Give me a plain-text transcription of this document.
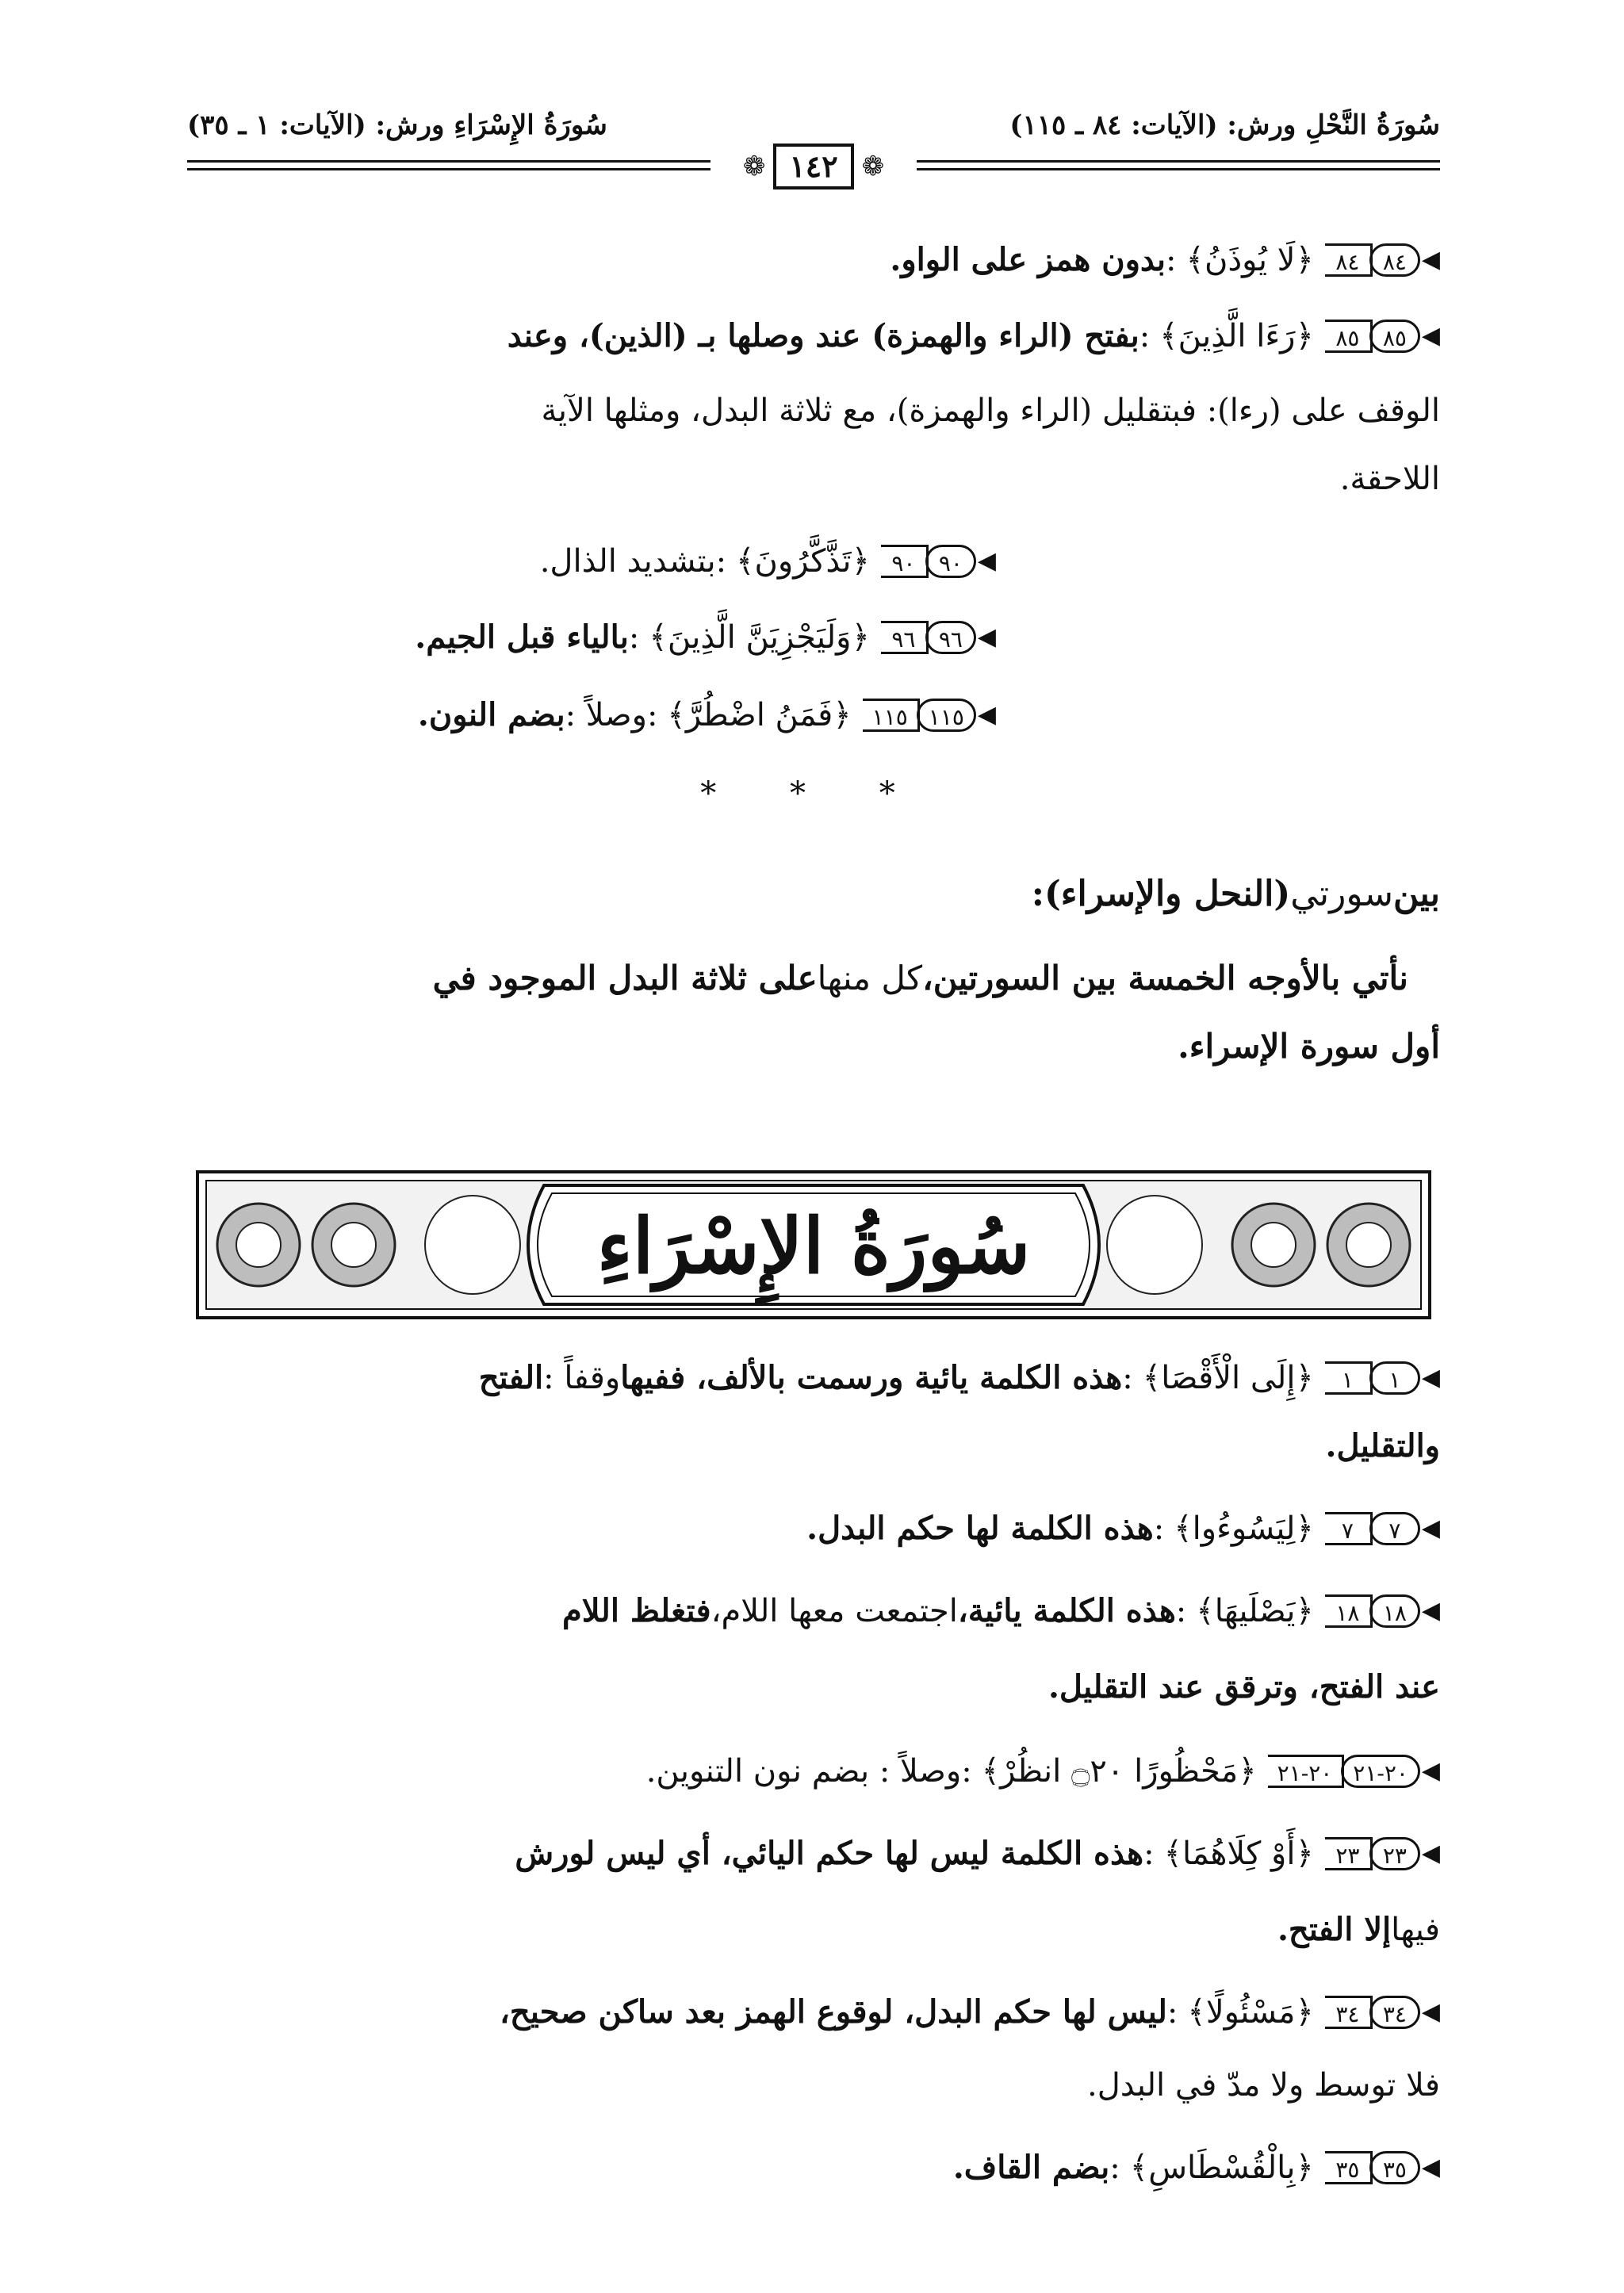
سُورَةُ النَّحْلِ ورش: (الآيات: ٨٤ ـ ١١٥)
سُورَةُ الإِسْرَاءِ ورش: (الآيات: ١ ـ ٣٥)
❁
١٤٢
❁
◀
٨٤
٨٤
﴿لَا يُوذَنُ﴾
:
بدون همز على الواو.
◀
٨٥
٨٥
﴿رَءَا الَّذِينَ﴾
:
بفتح (الراء والهمزة) عند وصلها بـ (الذين)، وعند
الوقف على (رءا): فبتقليل (الراء والهمزة)، مع ثلاثة البدل، ومثلها الآية
اللاحقة.
◀
٩٠
٩٠
﴿تَذَّكَّرُونَ﴾
:
بتشديد الذال.
◀
٩٦
٩٦
﴿وَلَيَجْزِيَنَّ الَّذِينَ﴾
:
بالياء قبل الجيم.
◀
١١٥
١١٥
﴿فَمَنُ اضْطُرَّ﴾
:
وصلاً :
بضم النون.
* * *
بين
سورتي
(النحل والإسراء):
نأتي بالأوجه الخمسة بين السورتين،
كل منها
على ثلاثة البدل الموجود في
أول سورة الإسراء.
سُورَةُ الإِسْرَاءِ
◀
١
١
﴿إِلَى الْأَقْصَا﴾
:
هذه الكلمة يائية ورسمت بالألف، ففيها
وقفاً :
الفتح
والتقليل.
◀
٧
٧
﴿لِيَسُوءُوا﴾
:
هذه الكلمة لها حكم البدل.
◀
١٨
١٨
﴿يَصْلَيهَا﴾
:
هذه الكلمة يائية،
اجتمعت معها اللام،
فتغلظ اللام
عند الفتح، وترقق عند التقليل.
◀
٢٠-٢١
٢٠-٢١
﴿مَحْظُورًا ۝٢٠ انظُرْ﴾
:
وصلاً : بضم نون التنوين.
◀
٢٣
٢٣
﴿أَوْ كِلَاهُمَا﴾
:
هذه الكلمة ليس لها حكم اليائي، أي ليس لورش
فيها
إلا الفتح.
◀
٣٤
٣٤
﴿مَسْئُولًا﴾
:
ليس لها حكم البدل، لوقوع الهمز بعد ساكن صحيح،
فلا توسط ولا مدّ في البدل.
◀
٣٥
٣٥
﴿بِالْقُسْطَاسِ﴾
:
بضم القاف.
